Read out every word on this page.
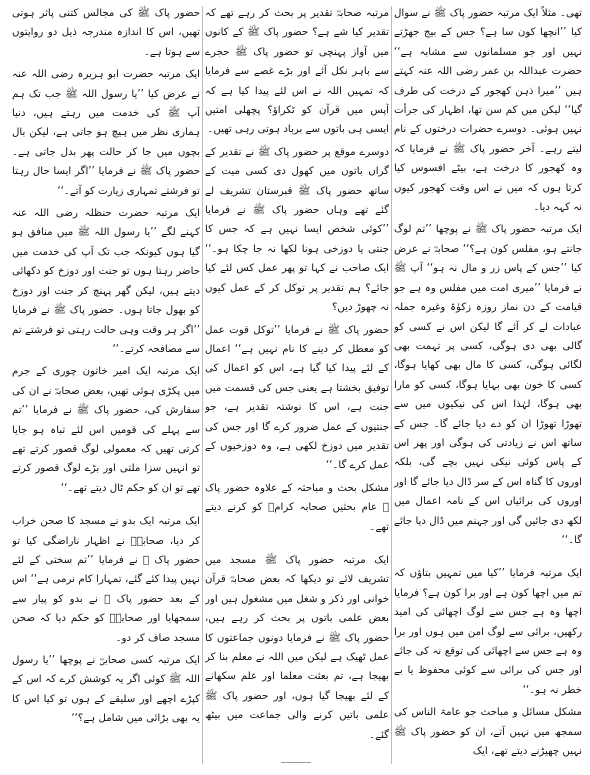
تھی۔ مثلاً ایک مرتبہ حضور پاک ﷺ نے سوال کیا ’’انچھا کون سا ہے؟ جس کے بیج جھڑتے نہیں اور جو مسلمانوں سے مشابہ ہے‘‘ حضرت عبداللہ بن عمر رضی اللہ عنہ کہتے ہیں ’’میرا ذہن کھجور کے درخت کی طرف گیا‘‘ لیکن میں کم سن تھا، اظہار کی جرأت نہیں ہوئی۔ دوسرے حضرات درختوں کے نام لیتے رہے۔ آخر حضور پاک ﷺ نے فرمایا کہ وہ کھجور کا درخت ہے، بیٹے افسوس کیا کرتا ہوں کہ میں نے اس وقت کھجور کیوں نہ کہہ دیا۔

ایک مرتبہ حضور پاک ﷺ نے پوچھا ’’تم لوگ جانتے ہو، مفلس کون ہے؟‘‘ صحابہؓ نے عرض کیا ’’جس کے پاس زر و مال نہ ہو‘‘ آپ ﷺ نے فرمایا ’’میری امت میں مفلس وہ ہے جو قیامت کے دن نماز روزہ زکوٰۃ وغیرہ جملہ عبادات لے کر آئے گا لیکن اس نے کسی کو گالی بھی دی ہوگی، کسی پر تہمت بھی لگائی ہوگی، کسی کا مال بھی کھایا ہوگا، کسی کا خون بھی بہایا ہوگا، کسی کو مارا بھی ہوگا، لہٰذا اس کی نیکیوں میں سے تھوڑا تھوڑا ان کو دے دیا جائے گا۔ جس کے ساتھ اس نے زیادتی کی ہوگی اور پھر اس کے پاس کوئی نیکی نہیں بچے گی، بلکہ اوروں کا گناہ اس کے سر ڈال دیا جائے گا اور اوروں کی برائیاں اس کے نامہ اعمال میں لکھ دی جائیں گی اور جہنم میں ڈال دیا جائے گا۔‘‘

ایک مرتبہ فرمایا ’’کیا میں تمہیں بتاؤں کہ تم میں اچھا کون ہے اور برا کون ہے؟ فرمایا اچھا وہ ہے جس سے لوگ اچھائی کی امید رکھیں، برائی سے لوگ امن میں ہوں اور برا وہ ہے جس سے اچھائی کی توقع نہ کی جائے اور جس کی برائی سے کوئی محفوظ یا بے خطر نہ ہو۔‘‘

مشکل مسائل و مباحث جو عامۃ الناس کی سمجھ میں نہیں آتے، ان کو حضور پاک ﷺ نہیں چھیڑنے دیتے تھے، ایک

مرتبہ صحابہؓ تقدیر پر بحث کر رہے تھے کہ تقدیر کیا شے ہے؟ حضور پاک ﷺ کے کانوں میں آواز پہنچی تو حضور پاک ﷺ حجرے سے باہر نکل آئے اور بڑے غصے سے فرمایا کہ تمہیں اللہ نے اس لئے پیدا کیا ہے کہ آپس میں قرآن کو ٹکراؤ؟ پچھلی امتیں ایسی ہی باتوں سے برباد ہوتی رہی تھیں۔

دوسرے موقع پر حضور پاک ﷺ نے تقدیر کے گراں باتوں میں کھول دی کسی میت کے ساتھ حضور پاک ﷺ قبرستان تشریف لے گئے تھے وہاں حضور پاک ﷺ نے فرمایا ’’کوئی شخص ایسا نہیں ہے کہ جس کا جنتی یا دوزخی ہونا لکھا نہ جا چکا ہو۔‘‘ ایک صاحب نے کہا تو پھر عمل کس لئے کیا جائے؟ ہم تقدیر پر توکل کر کے عمل کیوں نہ چھوڑ دیں؟

حضور پاک ﷺ نے فرمایا ’’توکل قوت عمل کو معطل کر دینے کا نام نہیں ہے‘‘ اعمال کے لئے پیدا کیا گیا ہے، اس کو اعمال کی توفیق بخشتا ہے یعنی جس کی قسمت میں جنت ہے، اس کا نوشتہ تقدیر ہے، جو جنتیوں کے عمل ضرور کرے گا اور جس کی تقدیر میں دوزخ لکھی ہے، وہ دوزخیوں کے عمل کرے گا۔‘‘

مشکل بحث و مباحثہ کے علاوہ حضور پاک ﷺ عام بحثیں صحابہ کرامؓ کو کرنے دیتے تھے۔

ایک مرتبہ حضور پاک ﷺ مسجد میں تشریف لائے تو دیکھا کہ بعض صحابہؓ قرآن خوانی اور ذکر و شغل میں مشغول ہیں اور بعض علمی باتوں پر بحث کر رہے ہیں، حضور پاک ﷺ نے فرمایا دونوں جماعتوں کا عمل ٹھیک ہے لیکن میں اللہ نے معلم بنا کر بھیجا ہے، تم بعثت معلما اور علم سکھانے کے لئے بھیجا گیا ہوں، اور حضور پاک ﷺ علمی باتیں کرنے والی جماعت میں بیٹھ گئے۔

حضور پاک ﷺ کی مجالس کتنی پاثر ہوتی تھیں، اس کا اندازہ مندرجہ ذیل دو روایتوں سے ہوتا ہے۔

ایک مرتبہ حضرت ابو ہریرہ رضی اللہ عنہ نے عرض کیا ’’یا رسول اللہ ﷺ جب تک ہم آپ ﷺ کی خدمت میں رہتے ہیں، دنیا ہماری نظر میں ہیچ ہو جاتی ہے، لیکن بال بچوں میں جا کر حالت پھر بدل جاتی ہے۔ حضور پاک ﷺ نے فرمایا ’’اگر ایسا حال رہتا تو فرشتے تمہاری زیارت کو آتے۔‘‘

ایک مرتبہ حضرت حنظلہ رضی اللہ عنہ کہنے لگے ’’یا رسول اللہ ﷺ میں منافق ہو گیا ہوں کیونکہ جب تک آپ کی خدمت میں حاضر رہتا ہوں تو جنت اور دوزخ کو دکھائی دیتے ہیں، لیکن گھر پہنچ کر جنت اور دوزخ کو بھول جاتا ہوں۔ حضور پاک ﷺ نے فرمایا ’’اگر ہر وقت وہی حالت رہتی تو فرشتے تم سے مصافحہ کرتے۔‘‘

ایک مرتبہ ایک امیر خاتون چوری کے جرم میں پکڑی ہوئی تھیں، بعض صحابہؓ نے ان کی سفارش کی، حضور پاک ﷺ نے فرمایا ’’تم سے پہلے کی قومیں اس لئے تباہ ہو جایا کرتی تھیں کہ معمولی لوگ قصور کرتے تھے تو انہیں سزا ملتی اور بڑے لوگ قصور کرتے تھے تو ان کو حکم ٹال دیتے تھے۔‘‘

ایک مرتبہ ایک بدو نے مسجد کا صحن خراب کر دیا، صحابہؓ نے اظہار ناراضگی کیا تو حضور پاک ﷺ نے فرمایا ’’تم سختی کے لئے نہیں پیدا کئے گئے، تمہارا کام نرمی ہے‘‘ اس کے بعد حضور پاک ﷺ نے بدو کو پیار سے سمجھایا اور صحابہؓ کو حکم دیا کہ صحن مسجد صاف کر دو۔

ایک مرتبہ کسی صحابیؓ نے پوچھا ’’یا رسول اللہ ﷺ کوئی اگر یہ کوشش کرے کہ اس کے کپڑے اچھے اور سلیقے کے ہوں تو کیا اس کا یہ بھی بڑائی میں شامل ہے؟‘‘
